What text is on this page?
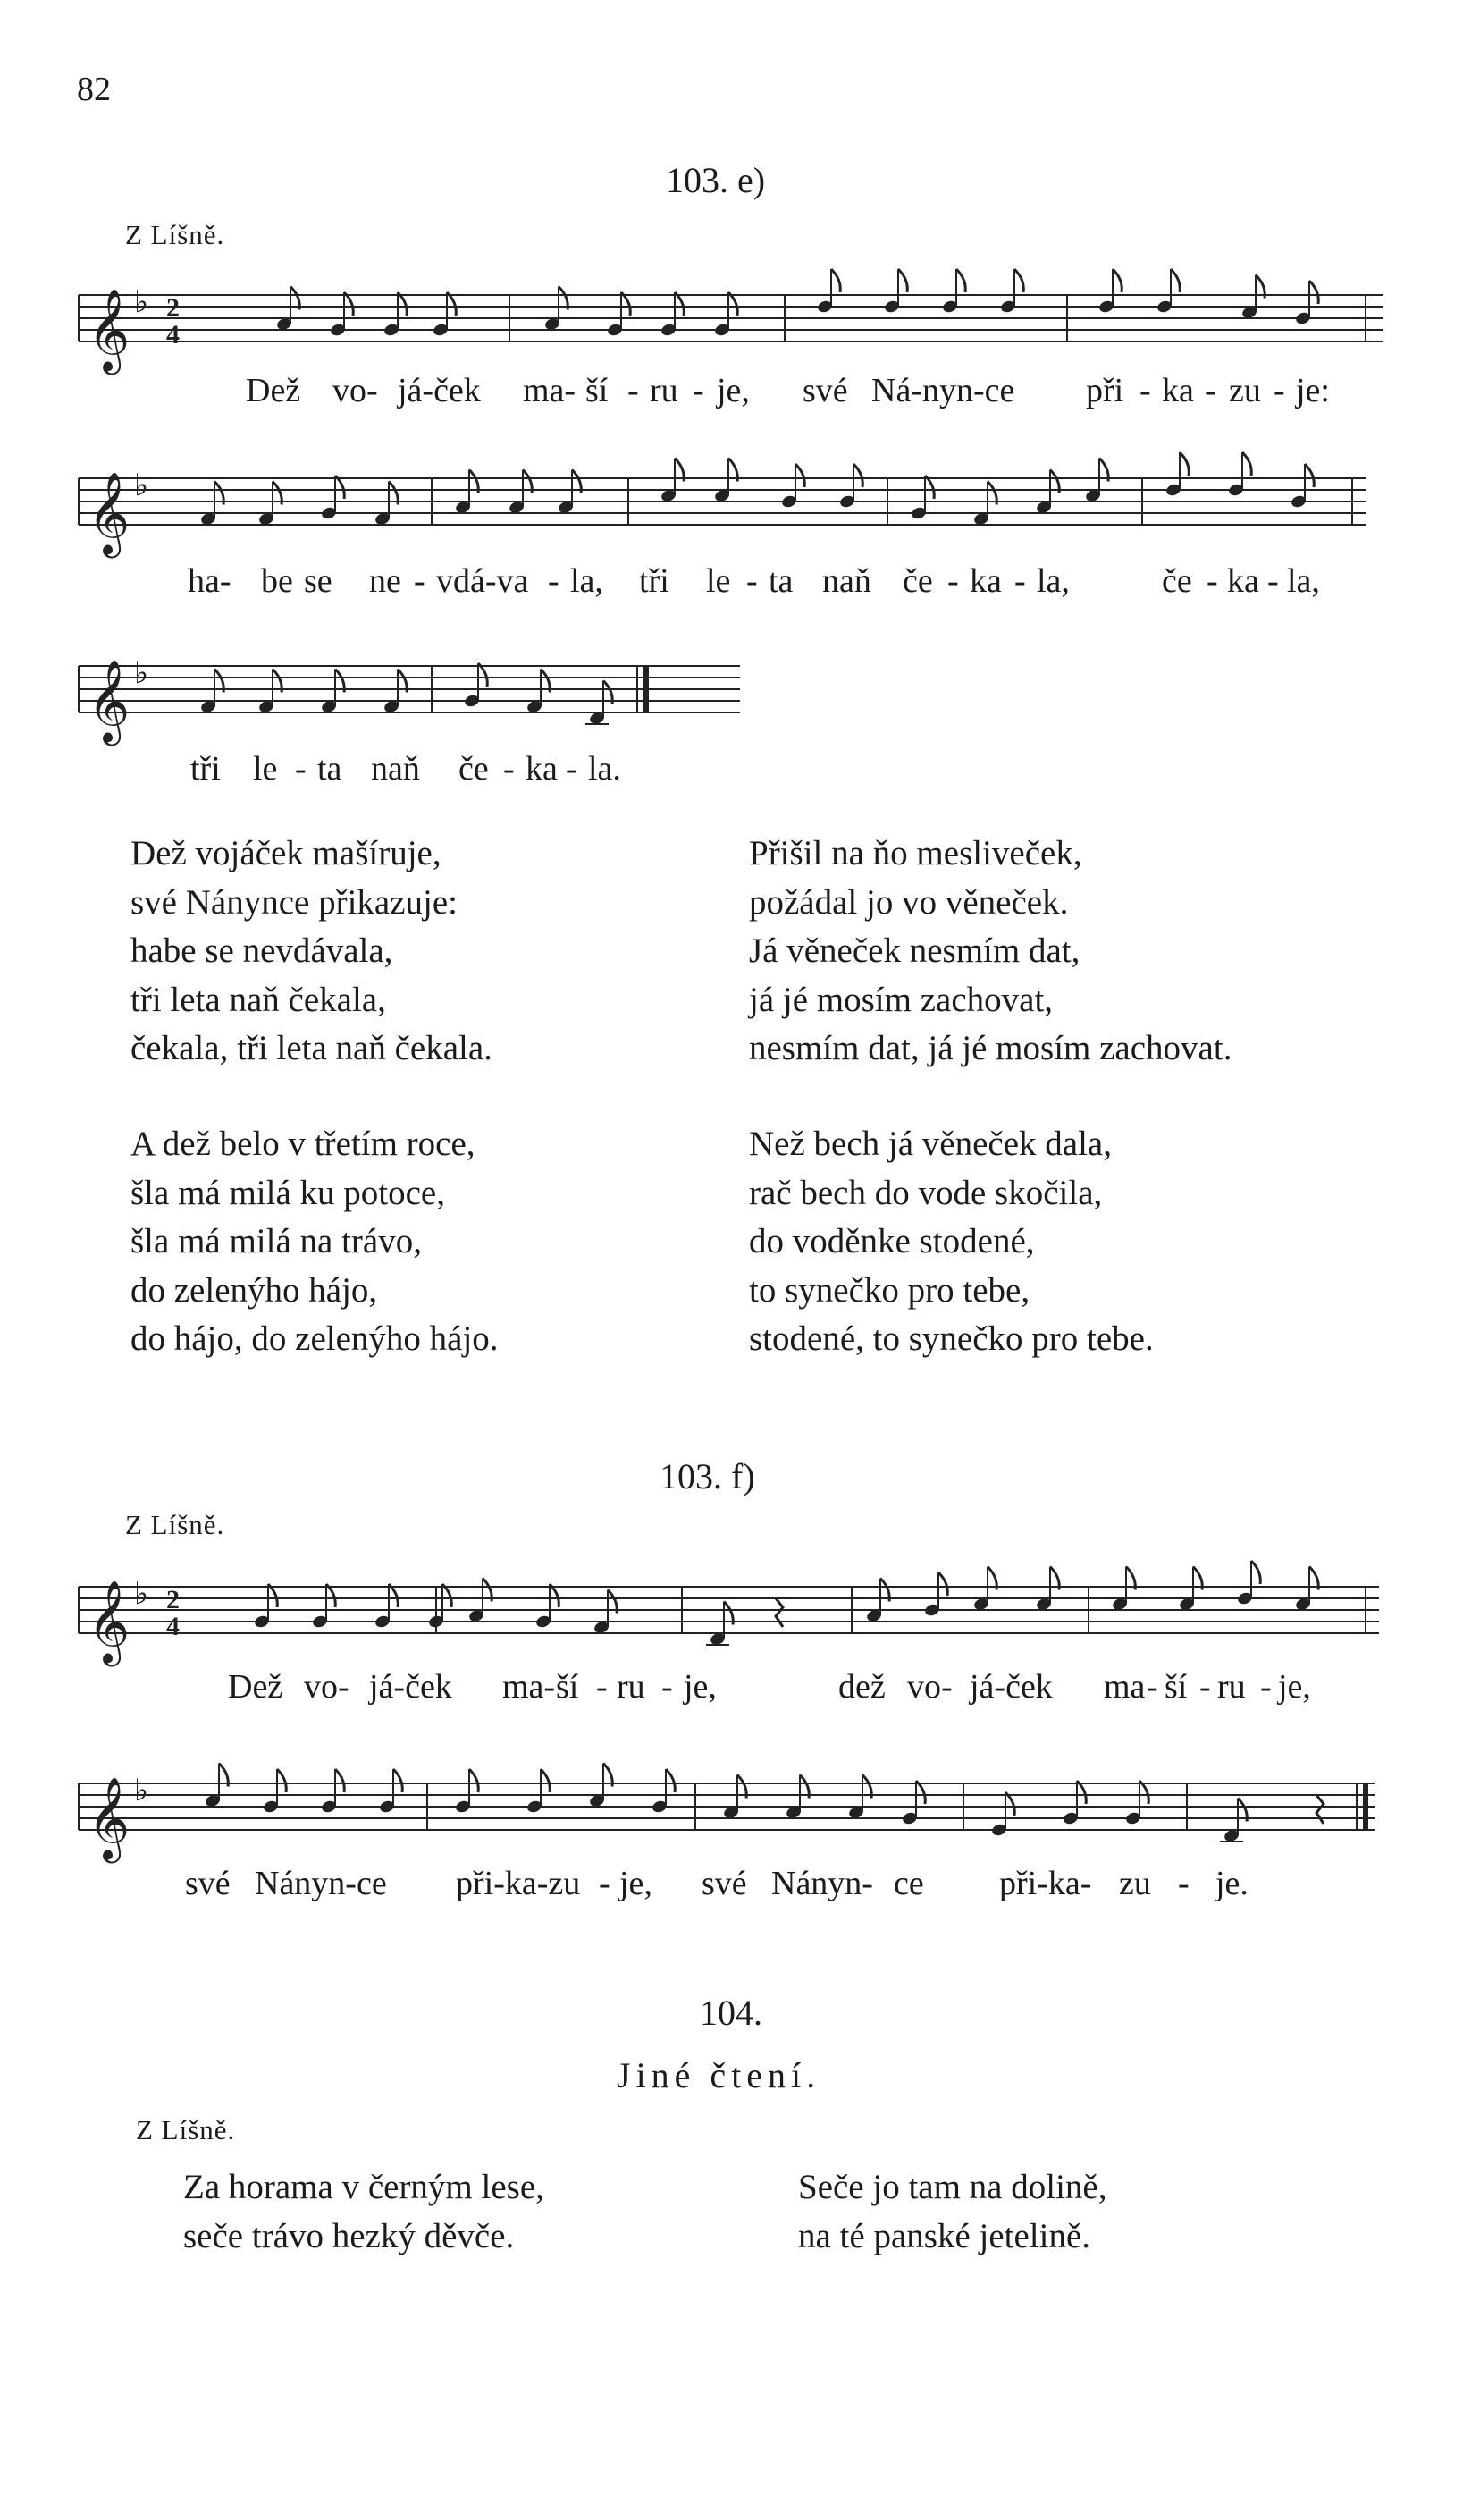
82
103. e)
Z Líšně.
𝄞 ♭ 2
4
Dež vo- já-ček ma- ší - ru - je, své Ná-nyn-ce při - ka - zu - je:
𝄞 ♭
ha- be se ne - vdá-va - la, tři le - ta naň če - ka - la,	če - ka - la,
𝄞 ♭
tři le - ta naň če - ka - la.
Dež vojáček mašíruje,
své Nánynce přikazuje:
habe se nevdávala,
tři leta naň čekala,
čekala, tři leta naň čekala.
Přišil na ňo mesliveček,
požádal jo vo věneček.
Já věneček nesmím dat,
já jé mosím zachovat,
nesmím dat, já jé mosím zachovat.
A dež belo v třetím roce,
šla má milá ku potoce,
šla má milá na trávo,
do zelenýho hájo,
do hájo, do zelenýho hájo.
Než bech já věneček dala,
rač bech do vode skočila,
do voděnke stodené,
to synečko pro tebe,
stodené, to synečko pro tebe.
103. f)
Z Líšně.
𝄞 ♭ 2
4
Dež vo- já-ček ma- ší - ru - je,	dež vo- já-ček ma - ší - ru - je,
𝄞 ♭
své Nányn-ce při-ka-zu - je, své Nányn- ce při-ka- zu - je.
104.
Jiné čtení.
Z Líšně.
Za horama v černým lese,
seče trávo hezký děvče.
Seče jo tam na dolině,
na té panské jetelině.
